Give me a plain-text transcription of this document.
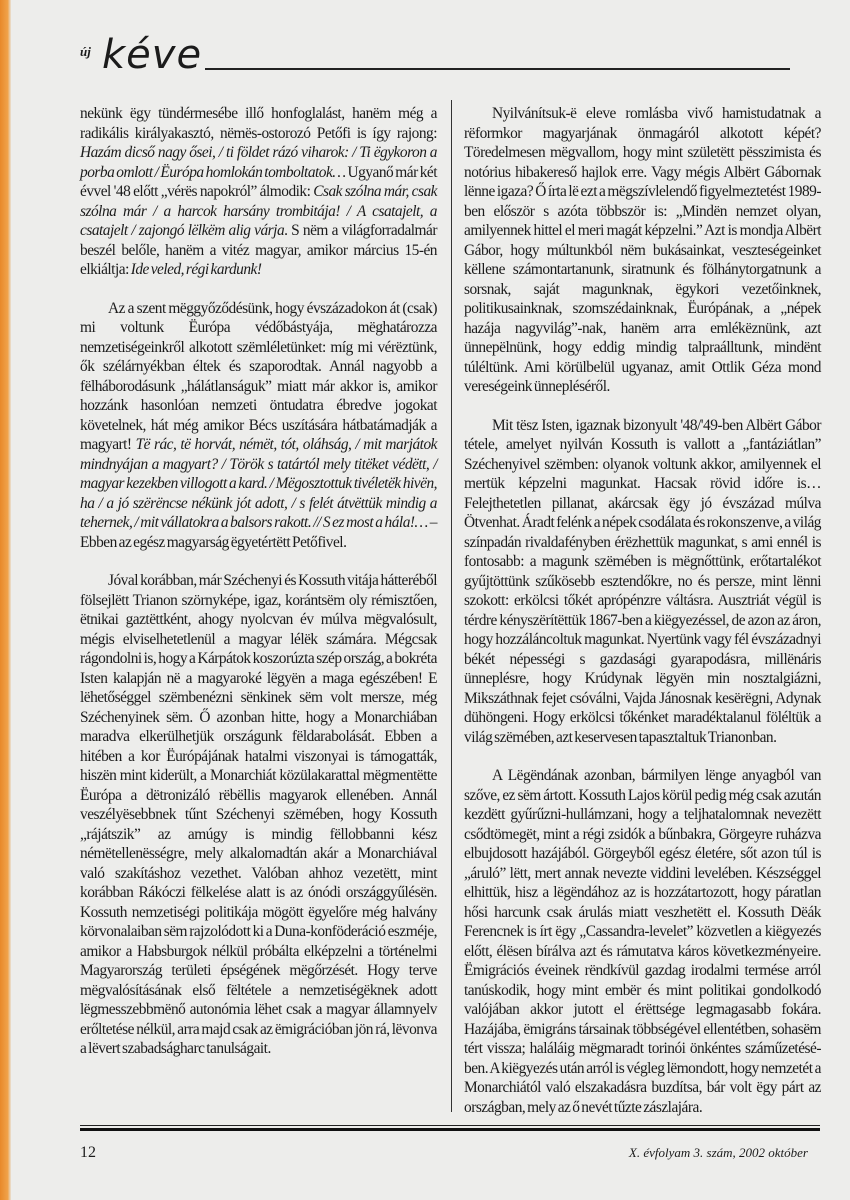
új kéve

nekünk ëgy tündérmesébe illő honfoglalást, hanëm még a radikális királyakasztó, nëmës-ostorozó Petőfi is így rajong: Hazám dicső nagy ősei, / ti földet rázó viharok: / Ti ëgykoron a porba omlott / Ëurópa homlokán tomboltatok… Ugyanő már két évvel '48 előtt „vérës napokról” álmodik: Csak szólna már, csak szólna már / a harcok harsány trombitája! / A csatajelt, a csatajelt / zajongó lëlkëm alig várja. S nëm a világforradalmár beszél belőle, hanëm a vitéz magyar, amikor március 15-én elkiáltja: Ide veled, régi kardunk!

Az a szent mëggyőződésünk, hogy évszázadokon át (csak) mi voltunk Ëurópa védőbástyája, mëghatározza nemzetiségeinkről alkotott szëmléletünket: míg mi vérëztünk, ők szélárnyékban éltek és szaporodtak. Annál nagyobb a fëlháborodásunk „hálátlanságuk” miatt már akkor is, amikor hozzánk hasonlóan nemzeti öntudatra ébredve jogokat követelnek, hát még amikor Bécs uszítására hátbatámadják a magyart! Të rác, të horvát, némët, tót, oláhság, / mit marjátok mindnyájan a magyart? / Török s tatártól mely titëket védëtt, / magyar kezekben villogott a kard. / Mëgosztottuk tivéletëk hivën, ha / a jó szërëncse nékünk jót adott, / s felét átvëttük mindig a tehernek, / mit vállatokra a balsors rakott. // S ez most a hála!… – Ebben az egész magyarság ëgyetértëtt Petőfivel.

Jóval korábban, már Széchenyi és Kossuth vitája hátteréből fölsejlëtt Trianon szörnyképe, igaz, korántsëm oly rémisztően, ëtnikai gaztëttként, ahogy nyolcvan év múlva mëgvalósult, mégis elviselhetetlenül a magyar lélëk számára. Mégcsak rágondolni is, hogy a Kárpátok koszorúzta szép ország, a bokréta Isten kalapján në a magyaroké lëgyën a maga egészében! E lëhetőséggel szëmbenézni sënkinek sëm volt mersze, még Széchenyinek sëm. Ő azonban hitte, hogy a Monarchiában maradva elkerülhetjük országunk fëldarabolását. Ebben a hitében a kor Ëurópájának hatalmi viszonyai is támogatták, hiszën mint kiderült, a Monarchiát közülakarattal mëgmentëtte Ëurópa a dëtronizáló rëbëllis magyarok ellenében. Annál veszélyësebbnek tűnt Széchenyi szëmében, hogy Kossuth „rájátszik” az amúgy is mindig fëllobbanni kész némëtellenësségre, mely alkalomadtán akár a Monarchiával való szakításhoz vezethet. Valóban ahhoz vezetëtt, mint korábban Rákóczi fëlkelése alatt is az ónódi országgyűlésën. Kossuth nemzetiségi politikája mögött ëgyelőre még halvány körvonalaiban sëm rajzolódott ki a Duna-konföderáció eszméje, amikor a Habsburgok nélkül próbálta elképzelni a történelmi Magyarország területi épségének mëgőrzését. Hogy terve mëgvalósításának első fëltétele a nemzetiségëknek adott lëgmesszebbmënő autonómia lëhet csak a magyar államnyelv erőltetése nélkül, arra majd csak az ëmigrációban jön rá, lëvonva a lëvert szabadságharc tanulságait.

Nyilvánítsuk-ë eleve romlásba vivő hamistudatnak a rëformkor magyarjának önmagáról alkotott képét? Töredelmesen mëgvallom, hogy mint születëtt pësszimista és notórius hibakereső hajlok erre. Vagy mégis Albërt Gábornak lënne igaza? Ő írta lë ezt a mëgszívlelendő figyelmeztetést 1989-ben először s azóta többször is: „Mindën nemzet olyan, amilyennek hittel el meri magát képzelni.” Azt is mondja Albërt Gábor, hogy múltunkból nëm bukásainkat, veszteségeinket këllene számontartanunk, siratnunk és fölhánytorgatnunk a sorsnak, saját magunknak, ëgykori vezetőinknek, politikusainknak, szomszédainknak, Ëurópának, a „népek hazája nagyvilág”-nak, hanëm arra emlékëznünk, azt ünnepëlnünk, hogy eddig mindig talpraálltunk, mindënt túléltünk. Ami körülbelül ugyanaz, amit Ottlik Géza mond vereségeink ünnepléséről.

Mit tësz Isten, igaznak bizonyult '48/'49-ben Albërt Gábor tétele, amelyet nyilván Kossuth is vallott a „fantáziátlan” Széchenyivel szëmben: olyanok voltunk akkor, amilyennek el mertük képzelni magunkat. Hacsak rövid időre is… Felejthetetlen pillanat, akárcsak ëgy jó évszázad múlva Ötvenhat. Áradt felénk a népek csodálata és rokonszenve, a világ színpadán rivaldafényben érëzhettük magunkat, s ami ennél is fontosabb: a magunk szëmében is mëgnőttünk, erőtartalékot gyűjtöttünk szűkösebb esztendőkre, no és persze, mint lënni szokott: erkölcsi tőkét aprópénzre váltásra. Ausztriát végül is térdre kényszërítëttük 1867-ben a kiëgyezéssel, de azon az áron, hogy hozzáláncoltuk magunkat. Nyertünk vagy fél évszázadnyi békét népességi s gazdasági gyarapodásra, millënáris ünneplésre, hogy Krúdynak lëgyën min nosztalgiázni, Mikszáthnak fejet csóválni, Vajda Jánosnak kesërëgni, Adynak dühöngeni. Hogy erkölcsi tőkénket maradéktalanul föléltük a világ szëmében, azt keservesen tapasztaltuk Trianonban.

A Lëgëndának azonban, bármilyen lënge anyagból van szőve, ez sëm ártott. Kossuth Lajos körül pedig még csak azután kezdëtt gyűrűzni-hullámzani, hogy a teljhatalomnak nevezëtt csődtömegët, mint a régi zsidók a bűnbakra, Görgeyre ruházva elbujdosott hazájából. Görgeyből egész életére, sőt azon túl is „áruló” lëtt, mert annak nevezte viddini levelében. Készséggel elhittük, hisz a lëgëndához az is hozzátartozott, hogy páratlan hősi harcunk csak árulás miatt veszhetëtt el. Kossuth Dëák Ferencnek is írt ëgy „Cassandra-levelet” közvetlen a kiëgyezés előtt, élësen bírálva azt és rámutatva káros következményeire. Ëmigrációs éveinek rëndkívül gazdag irodalmi termése arról tanúskodik, hogy mint embër és mint politikai gondolkodó valójában akkor jutott el érëttsége legmagasabb fokára. Hazájába, ëmigráns társainak többségével ellentétben, sohasëm tért vissza; haláláig mëgmaradt torinói önkéntes száműzetésé-ben. A kiëgyezés után arról is végleg lëmondott, hogy nemzetét a Monarchiától való elszakadásra buzdítsa, bár volt ëgy párt az országban, mely az ő nevét tűzte zászlajára.

12	X. évfolyam 3. szám, 2002 október
